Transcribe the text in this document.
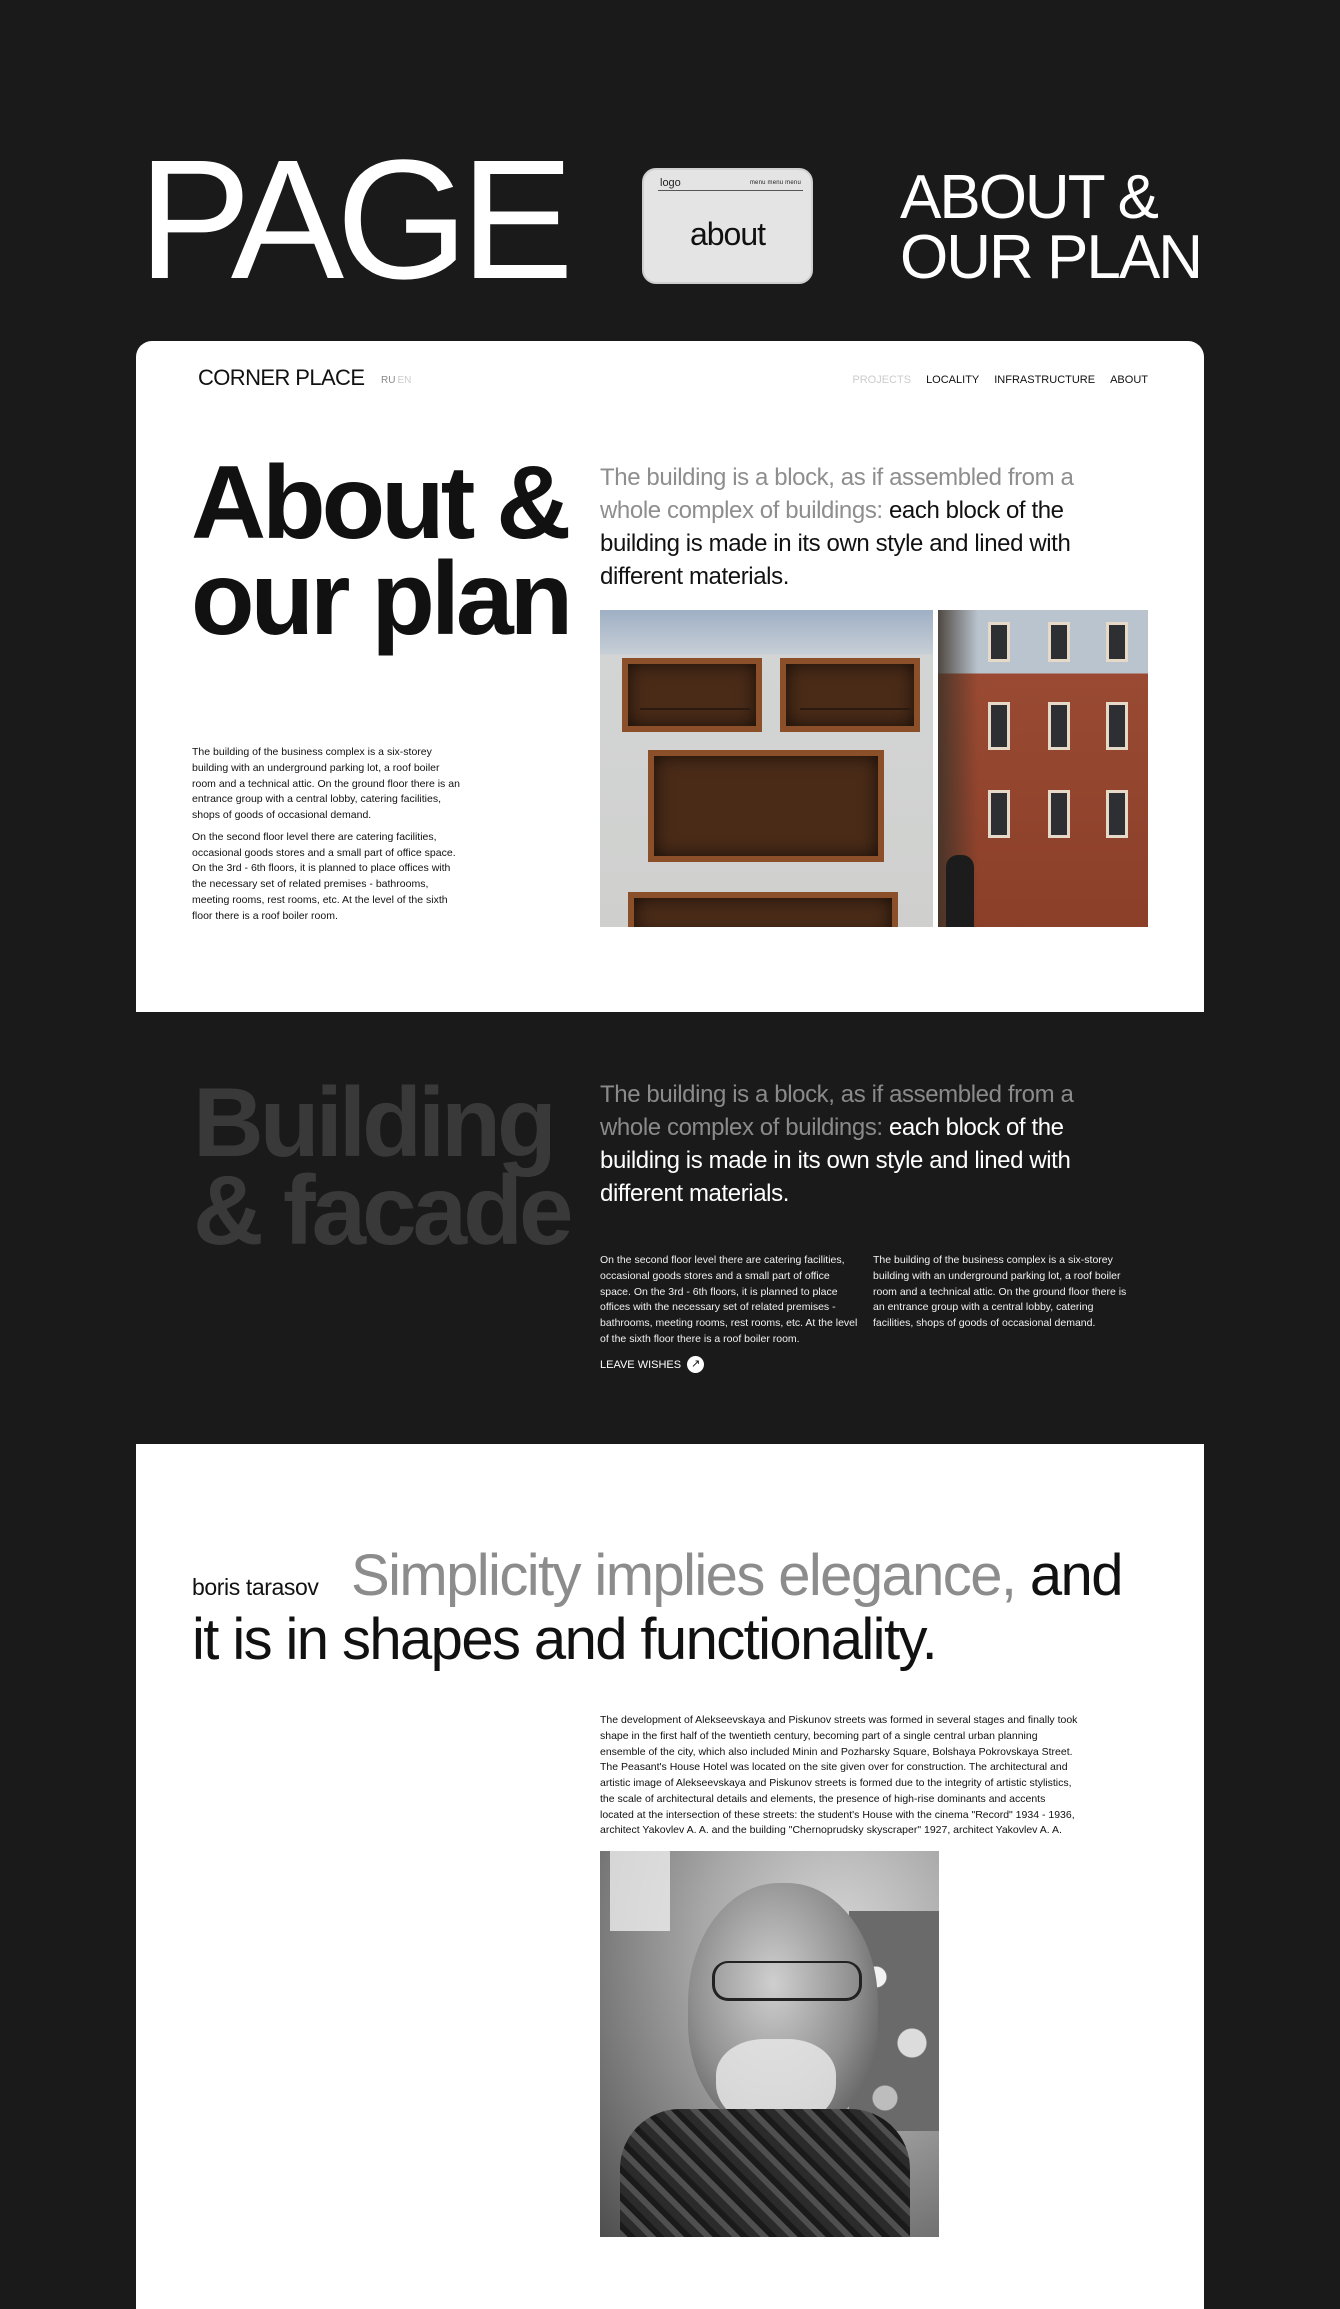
PAGE	logo	menu menu menu
about
ABOUT &
OUR PLAN
CORNER PLACE RU EN	PROJECTS LOCALITY INFRASTRUCTURE ABOUT
About &
our plan

The building is a block, as if assembled from a whole complex of buildings: each block of the building is made in its own style and lined with different materials.

The building of the business complex is a six-storey building with an underground parking lot, a roof boiler room and a technical attic. On the ground floor there is an entrance group with a central lobby, catering facilities, shops of goods of occasional demand.

On the second floor level there are catering facilities, occasional goods stores and a small part of office space. On the 3rd - 6th floors, it is planned to place offices with the necessary set of related premises - bathrooms, meeting rooms, rest rooms, etc. At the level of the sixth floor there is a roof boiler room.

Building
& facade

The building is a block, as if assembled from a whole complex of buildings: each block of the building is made in its own style and lined with different materials.

On the second floor level there are catering facilities, occasional goods stores and a small part of office space. On the 3rd - 6th floors, it is planned to place offices with the necessary set of related premises - bathrooms, meeting rooms, rest rooms, etc. At the level of the sixth floor there is a roof boiler room.

The building of the business complex is a six-storey building with an underground parking lot, a roof boiler room and a technical attic. On the ground floor there is an entrance group with a central lobby, catering facilities, shops of goods of occasional demand.

LEAVE WISHES ↗

boris tarasov Simplicity implies elegance, and it is in shapes and functionality.

The development of Alekseevskaya and Piskunov streets was formed in several stages and finally took shape in the first half of the twentieth century, becoming part of a single central urban planning ensemble of the city, which also included Minin and Pozharsky Square, Bolshaya Pokrovskaya Street. The Peasant's House Hotel was located on the site given over for construction. The architectural and artistic image of Alekseevskaya and Piskunov streets is formed due to the integrity of artistic stylistics, the scale of architectural details and elements, the presence of high-rise dominants and accents located at the intersection of these streets: the student's House with the cinema "Record" 1934 - 1936, architect Yakovlev A. A. and the building "Chernoprudsky skyscraper" 1927, architect Yakovlev A. A.
